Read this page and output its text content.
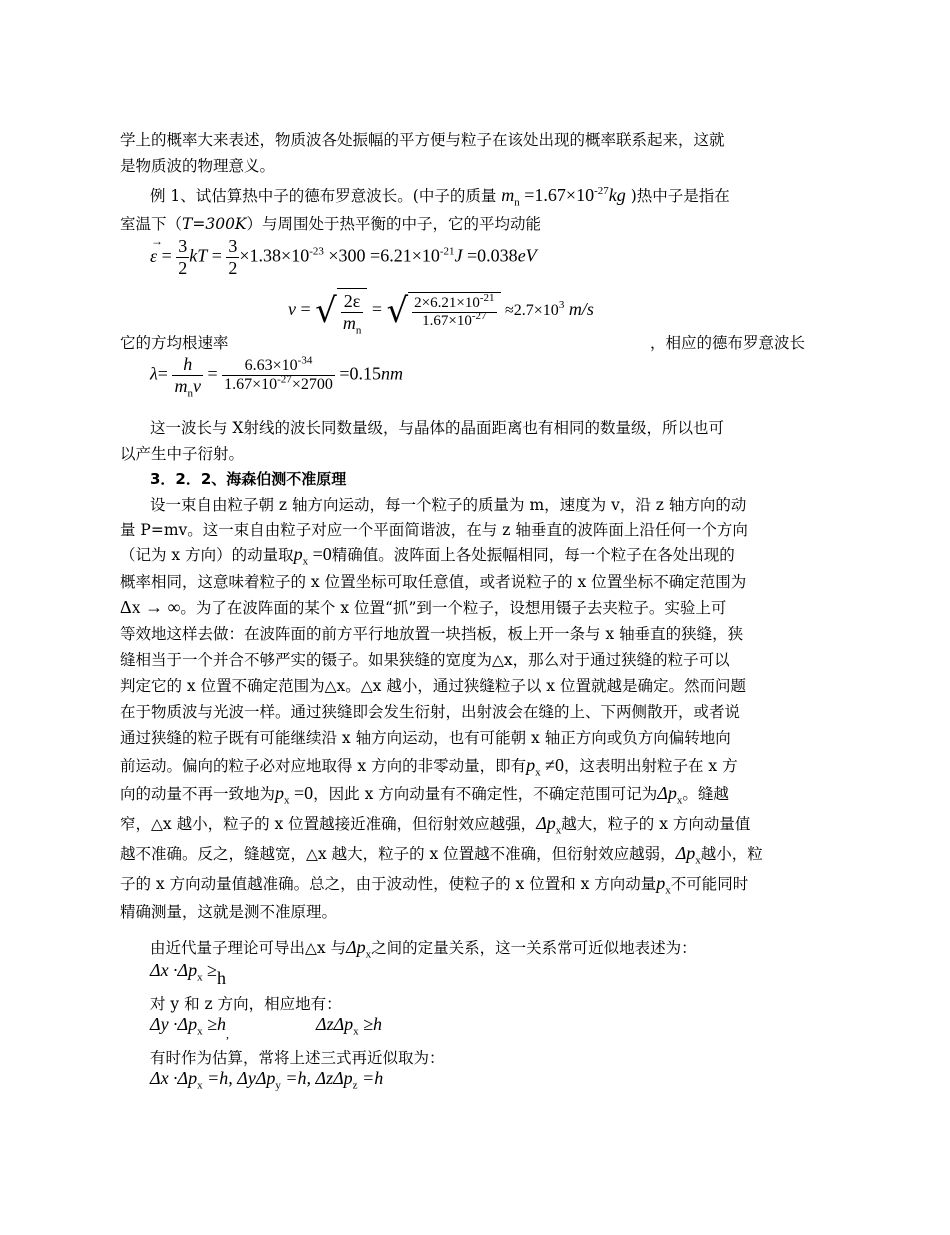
学上的概率大来表述，物质波各处振幅的平方便与粒子在该处出现的概率联系起来，这就
是物质波的物理意义。
例 1、试估算热中子的德布罗意波长。(中子的质量 $m_n =1.67\times 10^{-27}kg$ )热中子是指在
室温下（T=300K）与周围处于热平衡的中子，它的平均动能
→
$\varepsilon = \frac{3}{2}$ kT = $\frac{3}{2} \times 1.38\times 10^{-23} \times 300 =6.21\times 10^{-21}J =0.038eV$
v = √ $\frac{2\varepsilon}{m_n}$ = √ $\frac{2\times 6.21\times 10^{-21}}{1.67\times 10^{-27}} \approx 2.7\times 10^3$ m/s
它的方均根速率	，相应的德布罗意波长
$\lambda= \frac{h}{m_nv} = \frac{6.63\times 10^{-34}}{1.67\times 10^{-27}\times 2700} =0.15nm$
这一波长与 X射线的波长同数量级，与晶体的晶面距离也有相同的数量级，所以也可
以产生中子衍射。
3．2．2、海森伯测不准原理
设一束自由粒子朝 z 轴方向运动，每一个粒子的质量为 m，速度为 v，沿 z 轴方向的动
量 P=mv。这一束自由粒子对应一个平面简谐波，在与 z 轴垂直的波阵面上沿任何一个方向
（记为 x 方向）的动量取$p_x =0$精确值。波阵面上各处振幅相同，每一个粒子在各处出现的
概率相同，这意味着粒子的 x 位置坐标可取任意值，或者说粒子的 x 位置坐标不确定范围为
Δx → ∞。为了在波阵面的某个 x 位置“抓”到一个粒子，设想用镊子去夹粒子。实验上可
等效地这样去做：在波阵面的前方平行地放置一块挡板，板上开一条与 x 轴垂直的狭缝，狭
缝相当于一个并合不够严实的镊子。如果狭缝的宽度为△x，那么对于通过狭缝的粒子可以
判定它的 x 位置不确定范围为△x。△x 越小，通过狭缝粒子以 x 位置就越是确定。然而问题
在于物质波与光波一样。通过狭缝即会发生衍射，出射波会在缝的上、下两侧散开，或者说
通过狭缝的粒子既有可能继续沿 x 轴方向运动，也有可能朝 x 轴正方向或负方向偏转地向
前运动。偏向的粒子必对应地取得 x 方向的非零动量，即有$p_x \ne 0$，这表明出射粒子在 x 方
向的动量不再一致地为$p_x =0$，因此 x 方向动量有不确定性，不确定范围可记为$\Delta p_x$。缝越
窄，△x 越小，粒子的 x 位置越接近准确，但衍射效应越强，$\Delta p_x$越大，粒子的 x 方向动量值
越不准确。反之，缝越宽，△x 越大，粒子的 x 位置越不准确，但衍射效应越弱，$\Delta p_x$越小，粒
子的 x 方向动量值越准确。总之，由于波动性，使粒子的 x 位置和 x 方向动量$p_x$不可能同时
精确测量，这就是测不准原理。
由近代量子理论可导出△x 与$\Delta p_x$之间的定量关系，这一关系常可近似地表述为：
$\Delta x \cdot\Delta p_x \ge h$
对 y 和 z 方向，相应地有：
$\Delta y \cdot\Delta p_x \ge h_,$	ΔzΔp$_x$ ≥h
有时作为估算，常将上述三式再近似取为：
$\Delta x \cdot\Delta p_x =h$, ΔyΔp$_y$ =h, ΔzΔp$_z$ =h
